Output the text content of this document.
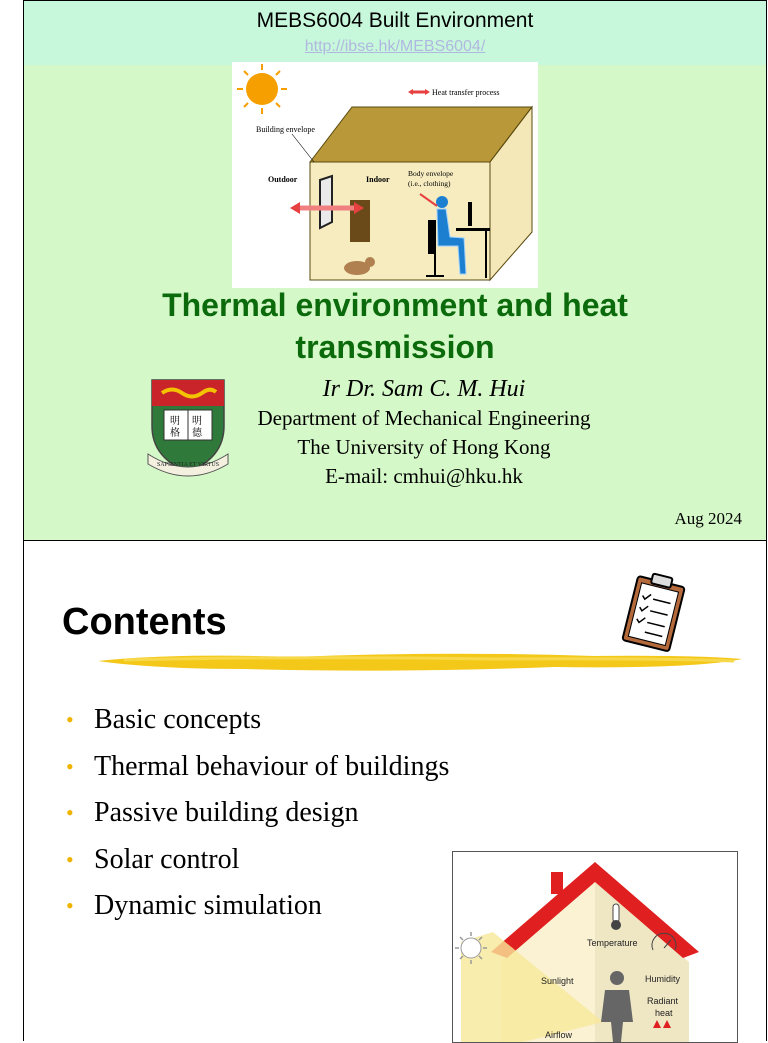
MEBS6004 Built Environment
http://ibse.hk/MEBS6004/
Heat transfer process
Building envelope
Outdoor	Indoor
Body envelope
(i.e., clothing)
Thermal environment and heat
transmission
明 明
格 德
SAPIENTIA ET VIRTUS
Ir Dr. Sam C. M. Hui
Department of Mechanical Engineering
The University of Hong Kong
E-mail: cmhui@hku.hk
Aug 2024
Contents
• Basic concepts
• Thermal behaviour of buildings
• Passive building design
• Solar control
• Dynamic simulation
Temperature
Humidity
Sunlight
Radiant
heat
Airflow
